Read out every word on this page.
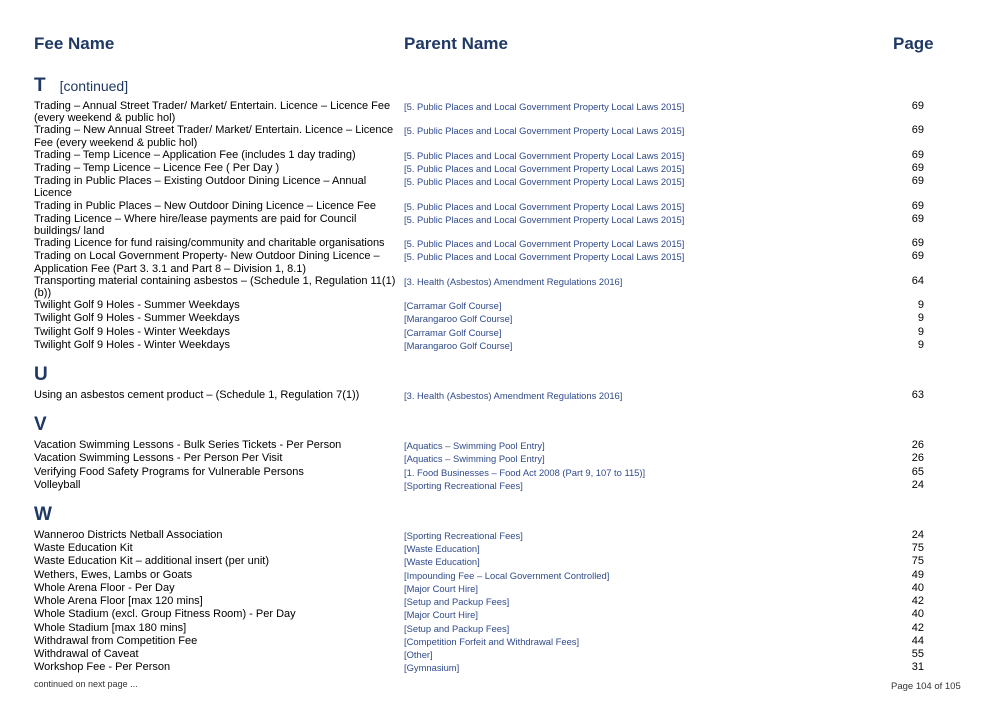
Fee Name	Parent Name	Page
T [continued]
Trading – Annual Street Trader/ Market/ Entertain. Licence – Licence Fee (every weekend & public hol)
[5. Public Places and Local Government Property Local Laws 2015]	69
Trading – New Annual Street Trader/ Market/ Entertain. Licence – Licence Fee (every weekend & public hol)
[5. Public Places and Local Government Property Local Laws 2015]	69
Trading – Temp Licence – Application Fee (includes 1 day trading)	[5. Public Places and Local Government Property Local Laws 2015]	69
Trading – Temp Licence – Licence Fee ( Per Day )	[5. Public Places and Local Government Property Local Laws 2015]	69
Trading in Public Places – Existing Outdoor Dining Licence – Annual Licence
[5. Public Places and Local Government Property Local Laws 2015]	69
Trading in Public Places – New Outdoor Dining Licence – Licence Fee	[5. Public Places and Local Government Property Local Laws 2015]	69
Trading Licence – Where hire/lease payments are paid for Council buildings/ land
[5. Public Places and Local Government Property Local Laws 2015]	69
Trading Licence for fund raising/community and charitable organisations	[5. Public Places and Local Government Property Local Laws 2015]	69
Trading on Local Government Property- New Outdoor Dining Licence – Application Fee (Part 3. 3.1 and Part 8 – Division 1, 8.1)
[5. Public Places and Local Government Property Local Laws 2015]	69
Transporting material containing asbestos – (Schedule 1, Regulation 11(1) (b))
[3. Health (Asbestos) Amendment Regulations 2016]	64
Twilight Golf 9 Holes - Summer Weekdays	[Carramar Golf Course]	9
Twilight Golf 9 Holes - Summer Weekdays	[Marangaroo Golf Course]	9
Twilight Golf 9 Holes - Winter Weekdays	[Carramar Golf Course]	9
Twilight Golf 9 Holes - Winter Weekdays	[Marangaroo Golf Course]	9
U
Using an asbestos cement product – (Schedule 1, Regulation 7(1))	[3. Health (Asbestos) Amendment Regulations 2016]	63
V
Vacation Swimming Lessons - Bulk Series Tickets - Per Person	[Aquatics – Swimming Pool Entry]	26
Vacation Swimming Lessons - Per Person Per Visit	[Aquatics – Swimming Pool Entry]	26
Verifying Food Safety Programs for Vulnerable Persons	[1. Food Businesses – Food Act 2008 (Part 9, 107 to 115)]	65
Volleyball	[Sporting Recreational Fees]	24
W
Wanneroo Districts Netball Association	[Sporting Recreational Fees]	24
Waste Education Kit	[Waste Education]	75
Waste Education Kit – additional insert (per unit)	[Waste Education]	75
Wethers, Ewes, Lambs or Goats	[Impounding Fee – Local Government Controlled]	49
Whole Arena Floor - Per Day	[Major Court Hire]	40
Whole Arena Floor [max 120 mins]	[Setup and Packup Fees]	42
Whole Stadium (excl. Group Fitness Room) - Per Day	[Major Court Hire]	40
Whole Stadium [max 180 mins]	[Setup and Packup Fees]	42
Withdrawal from Competition Fee	[Competition Forfeit and Withdrawal Fees]	44
Withdrawal of Caveat	[Other]	55
Workshop Fee - Per Person	[Gymnasium]	31
continued on next page ...	Page 104 of 105
